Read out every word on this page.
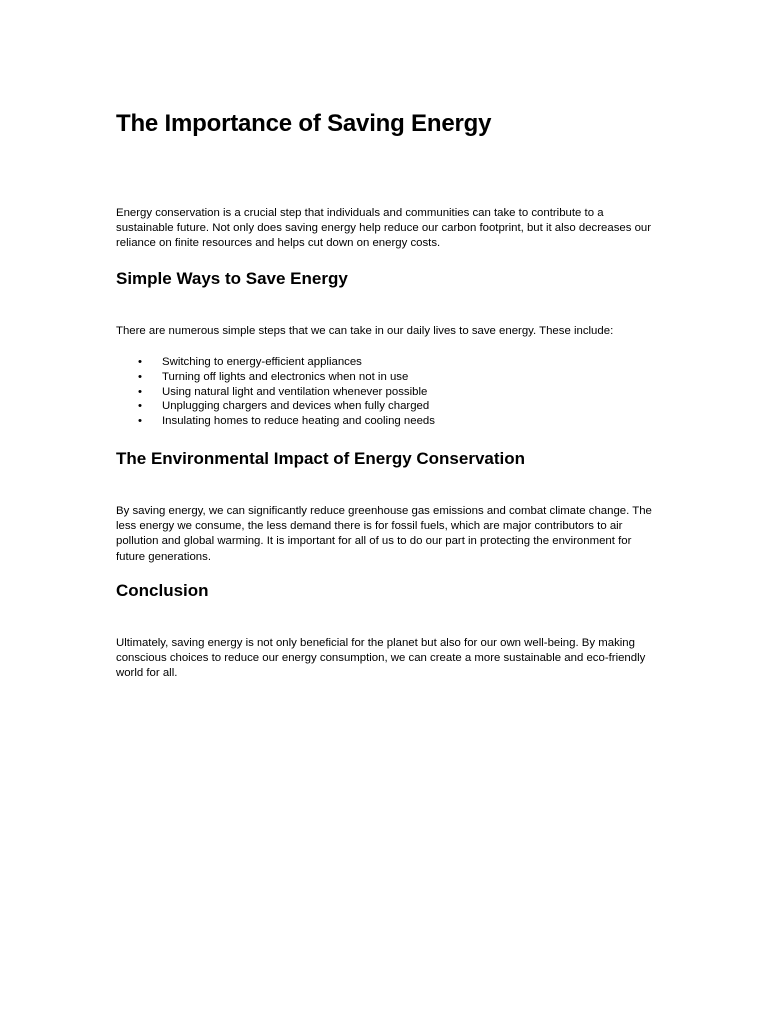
The Importance of Saving Energy

Energy conservation is a crucial step that individuals and communities can take to contribute to a sustainable future. Not only does saving energy help reduce our carbon footprint, but it also decreases our reliance on finite resources and helps cut down on energy costs.

Simple Ways to Save Energy

There are numerous simple steps that we can take in our daily lives to save energy. These include:

• Switching to energy-efficient appliances
• Turning off lights and electronics when not in use
• Using natural light and ventilation whenever possible
• Unplugging chargers and devices when fully charged
• Insulating homes to reduce heating and cooling needs
The Environmental Impact of Energy Conservation

By saving energy, we can significantly reduce greenhouse gas emissions and combat climate change. The less energy we consume, the less demand there is for fossil fuels, which are major contributors to air pollution and global warming. It is important for all of us to do our part in protecting the environment for future generations.

Conclusion

Ultimately, saving energy is not only beneficial for the planet but also for our own well-being. By making conscious choices to reduce our energy consumption, we can create a more sustainable and eco-friendly world for all.
